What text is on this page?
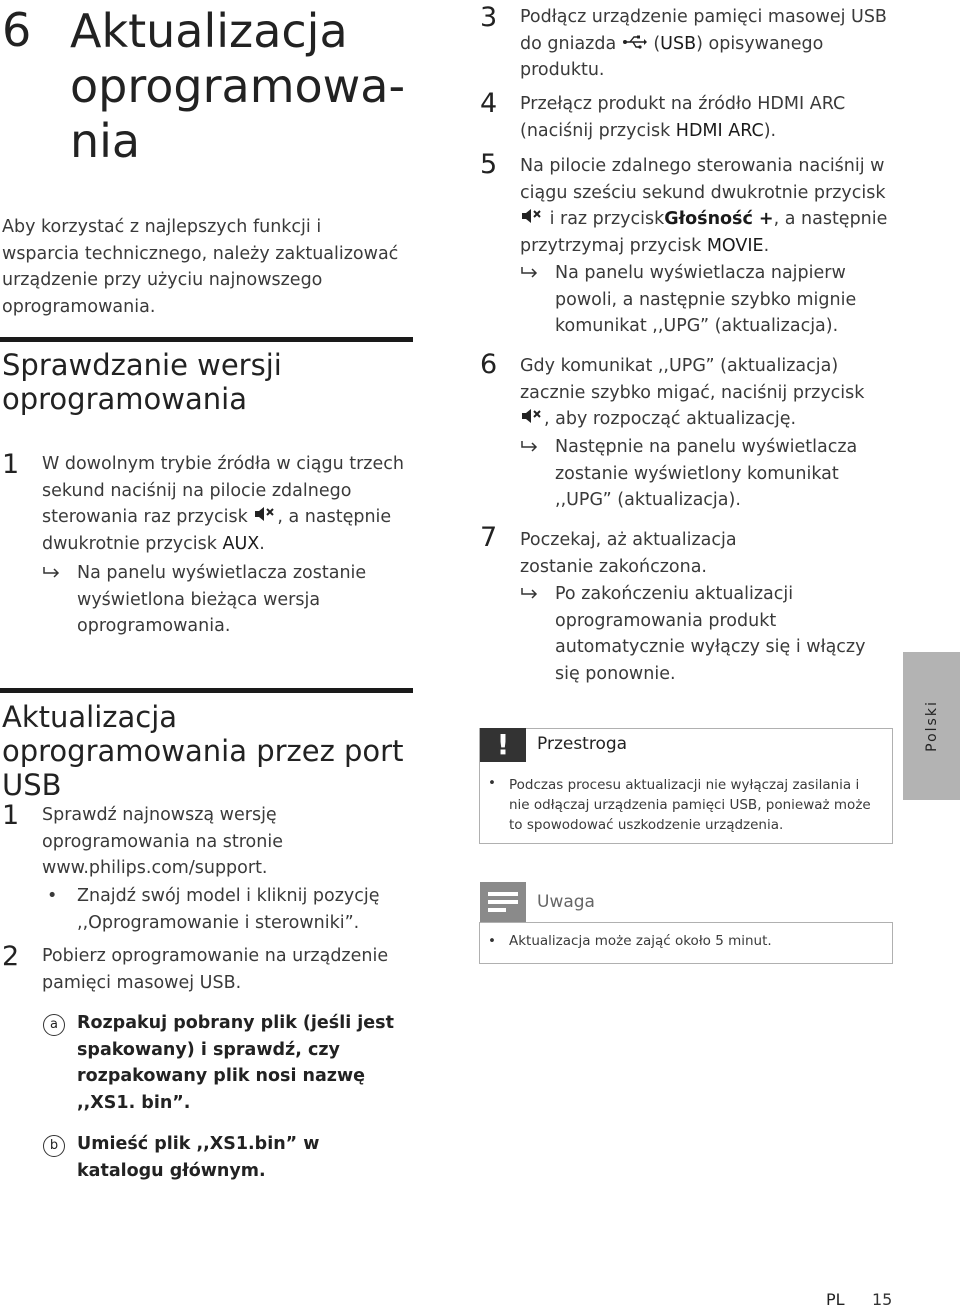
6 Aktualizacja oprogramowa-nia
Aby korzystać z najlepszych funkcji i wsparcia technicznego, należy zaktualizować urządzenie przy użyciu najnowszego oprogramowania.
Sprawdzanie wersji oprogramowania
1 W dowolnym trybie źródła w ciągu trzech sekund naciśnij na pilocie zdalnego sterowania raz przycisk , a następnie dwukrotnie przycisk AUX.
Na panelu wyświetlacza zostanie wyświetlona bieżąca wersja oprogramowania.
Aktualizacja oprogramowania przez port USB
1 Sprawdź najnowszą wersję oprogramowania na stronie www.philips.com/support.
• Znajdź swój model i kliknij pozycję ,,Oprogramowanie i sterowniki”.
2 Pobierz oprogramowanie na urządzenie pamięci masowej USB.
a	Rozpakuj pobrany plik (jeśli jest spakowany) i sprawdź, czy rozpakowany plik nosi nazwę ,,XS1. bin”.
b	Umieść plik ,,XS1.bin” w katalogu głównym.
3 Podłącz urządzenie pamięci masowej USB do gniazda (USB) opisywanego produktu.
4 Przełącz produkt na źródło HDMI ARC (naciśnij przycisk HDMI ARC).
5 Na pilocie zdalnego sterowania naciśnij w ciągu sześciu sekund dwukrotnie przycisk  i raz przyciskGłośność +, a następnie przytrzymaj przycisk MOVIE.
Na panelu wyświetlacza najpierw powoli, a następnie szybko mignie komunikat ,,UPG” (aktualizacja).
6 Gdy komunikat ,,UPG” (aktualizacja) zacznie szybko migać, naciśnij przycisk , aby rozpocząć aktualizację.
Następnie na panelu wyświetlacza zostanie wyświetlony komunikat ,,UPG” (aktualizacja).
7 Poczekaj, aż aktualizacja zostanie zakończona.
Po zakończeniu aktualizacji oprogramowania produkt automatycznie wyłączy się i włączy się ponownie.
!	Przestroga
• Podczas procesu aktualizacji nie wyłączaj zasilania i nie odłączaj urządzenia pamięci USB, ponieważ może to spowodować uszkodzenie urządzenia.
Uwaga
• Aktualizacja może zająć około 5 minut.
Polski
PL 15
